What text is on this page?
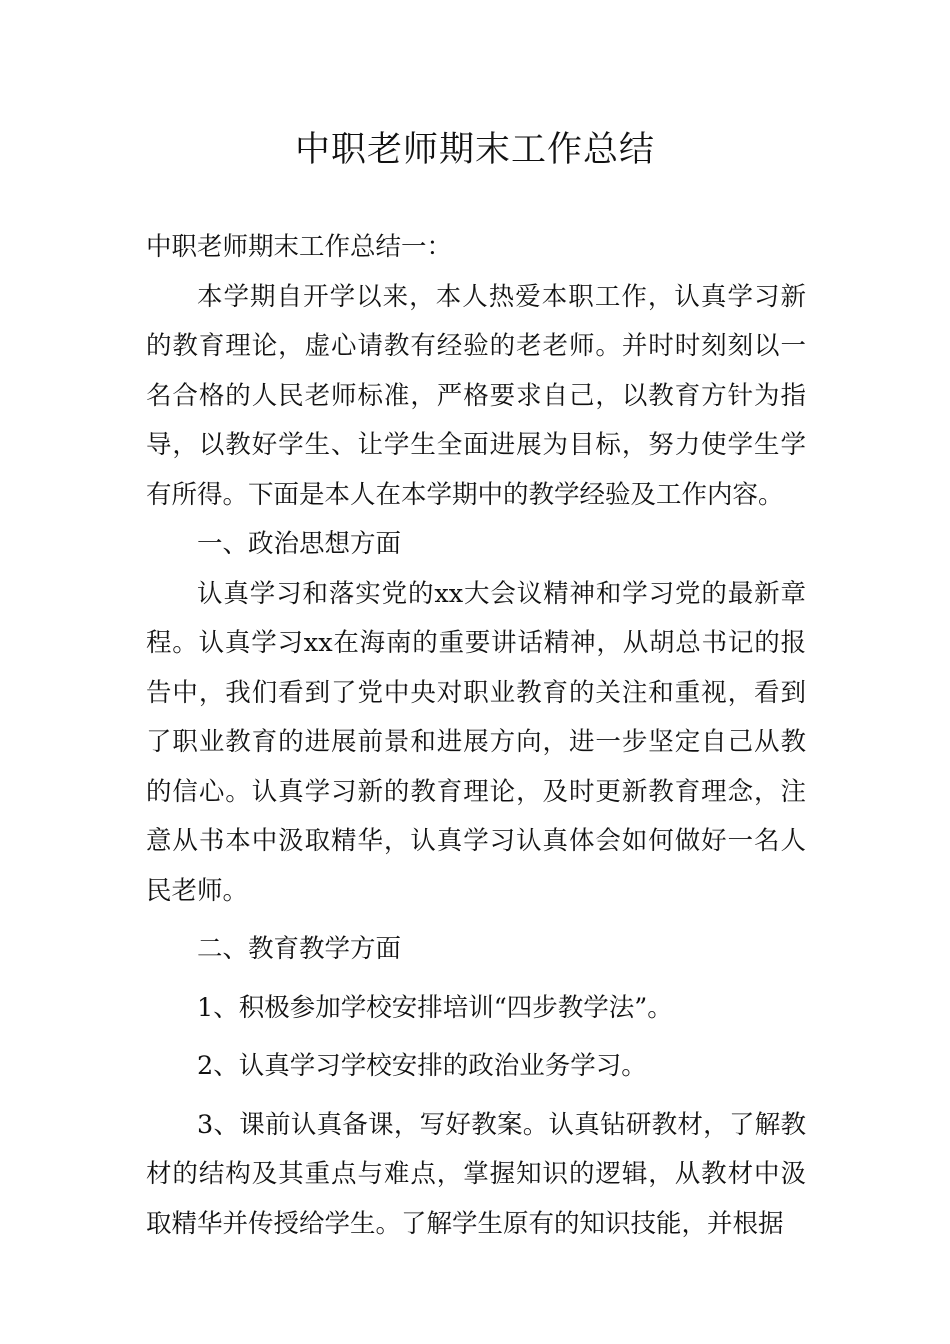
中职老师期末工作总结

中职老师期末工作总结一：

本学期自开学以来，本人热爱本职工作，认真学习新的教育理论，虚心请教有经验的老老师。并时时刻刻以一名合格的人民老师标准，严格要求自己，以教育方针为指导，以教好学生、让学生全面进展为目标，努力使学生学有所得。下面是本人在本学期中的教学经验及工作内容。

一、政治思想方面

认真学习和落实党的xx大会议精神和学习党的最新章程。认真学习xx在海南的重要讲话精神，从胡总书记的报告中，我们看到了党中央对职业教育的关注和重视，看到了职业教育的进展前景和进展方向，进一步坚定自己从教的信心。认真学习新的教育理论，及时更新教育理念，注意从书本中汲取精华，认真学习认真体会如何做好一名人民老师。

二、教育教学方面

1、积极参加学校安排培训“四步教学法”。

2、认真学习学校安排的政治业务学习。

3、课前认真备课，写好教案。认真钻研教材，了解教材的结构及其重点与难点，掌握知识的逻辑，从教材中汲取精华并传授给学生。了解学生原有的知识技能，并根据
